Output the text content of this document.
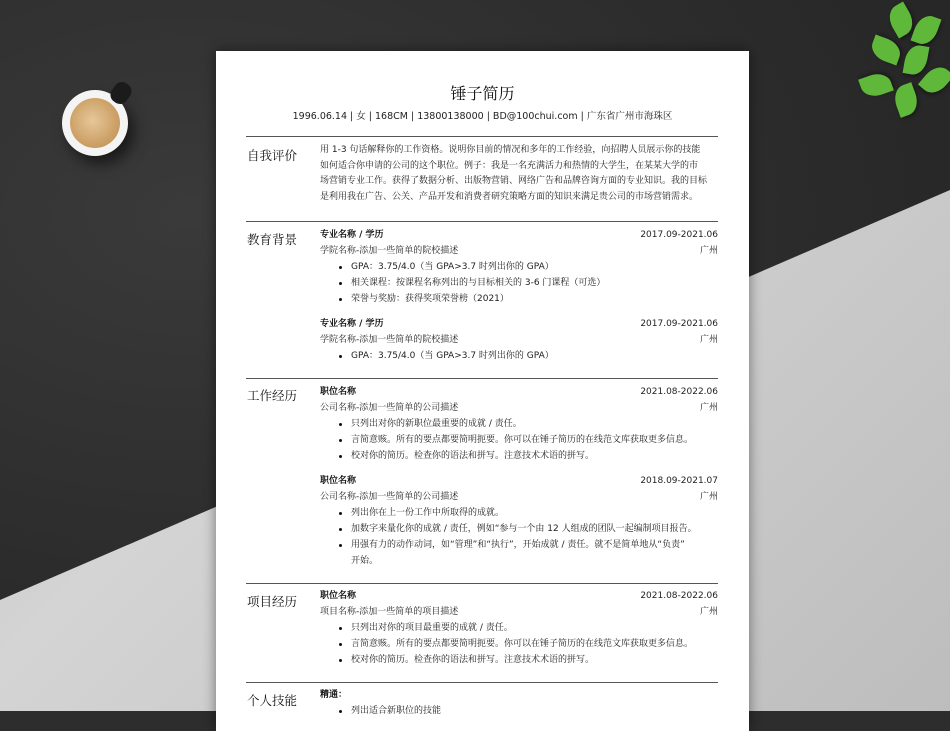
锤子简历
1996.06.14 | 女 | 168CM | 13800138000 | BD@100chui.com | 广东省广州市海珠区
自我评价	用 1-3 句话解释你的工作资格。说明你目前的情况和多年的工作经验，向招聘人员展示你的技能
如何适合你申请的公司的这个职位。例子：我是一名充满活力和热情的大学生，在某某大学的市
场营销专业工作。获得了数据分析、出版物营销、网络广告和品牌咨询方面的专业知识。我的目标
是利用我在广告、公关、产品开发和消费者研究策略方面的知识来满足贵公司的市场营销需求。
教育背景	专业名称 / 学历	2017.09-2021.06
学院名称-添加一些简单的院校描述	广州
GPA：3.75/4.0（当 GPA>3.7 时列出你的 GPA）
相关课程：按课程名称列出的与目标相关的 3-6 门课程（可选）
荣誉与奖励：获得奖项荣誉榜（2021）
专业名称 / 学历	2017.09-2021.06
学院名称-添加一些简单的院校描述	广州
GPA：3.75/4.0（当 GPA>3.7 时列出你的 GPA）
工作经历	职位名称	2021.08-2022.06
公司名称-添加一些简单的公司描述	广州
只列出对你的新职位最重要的成就 / 责任。
言简意赅。所有的要点都要简明扼要。你可以在锤子简历的在线范文库获取更多信息。
校对你的简历。检查你的语法和拼写。注意技术术语的拼写。
职位名称	2018.09-2021.07
公司名称-添加一些简单的公司描述	广州
列出你在上一份工作中所取得的成就。
加数字来量化你的成就 / 责任，例如“参与一个由 12 人组成的团队一起编制项目报告。
用强有力的动作动词，如“管理”和“执行”，开始成就 / 责任。就不是简单地从“负责”
开始。
项目经历	职位名称	2021.08-2022.06
项目名称-添加一些简单的项目描述	广州
只列出对你的项目最重要的成就 / 责任。
言简意赅。所有的要点都要简明扼要。你可以在锤子简历的在线范文库获取更多信息。
校对你的简历。检查你的语法和拼写。注意技术术语的拼写。
个人技能	精通：
列出适合新职位的技能
